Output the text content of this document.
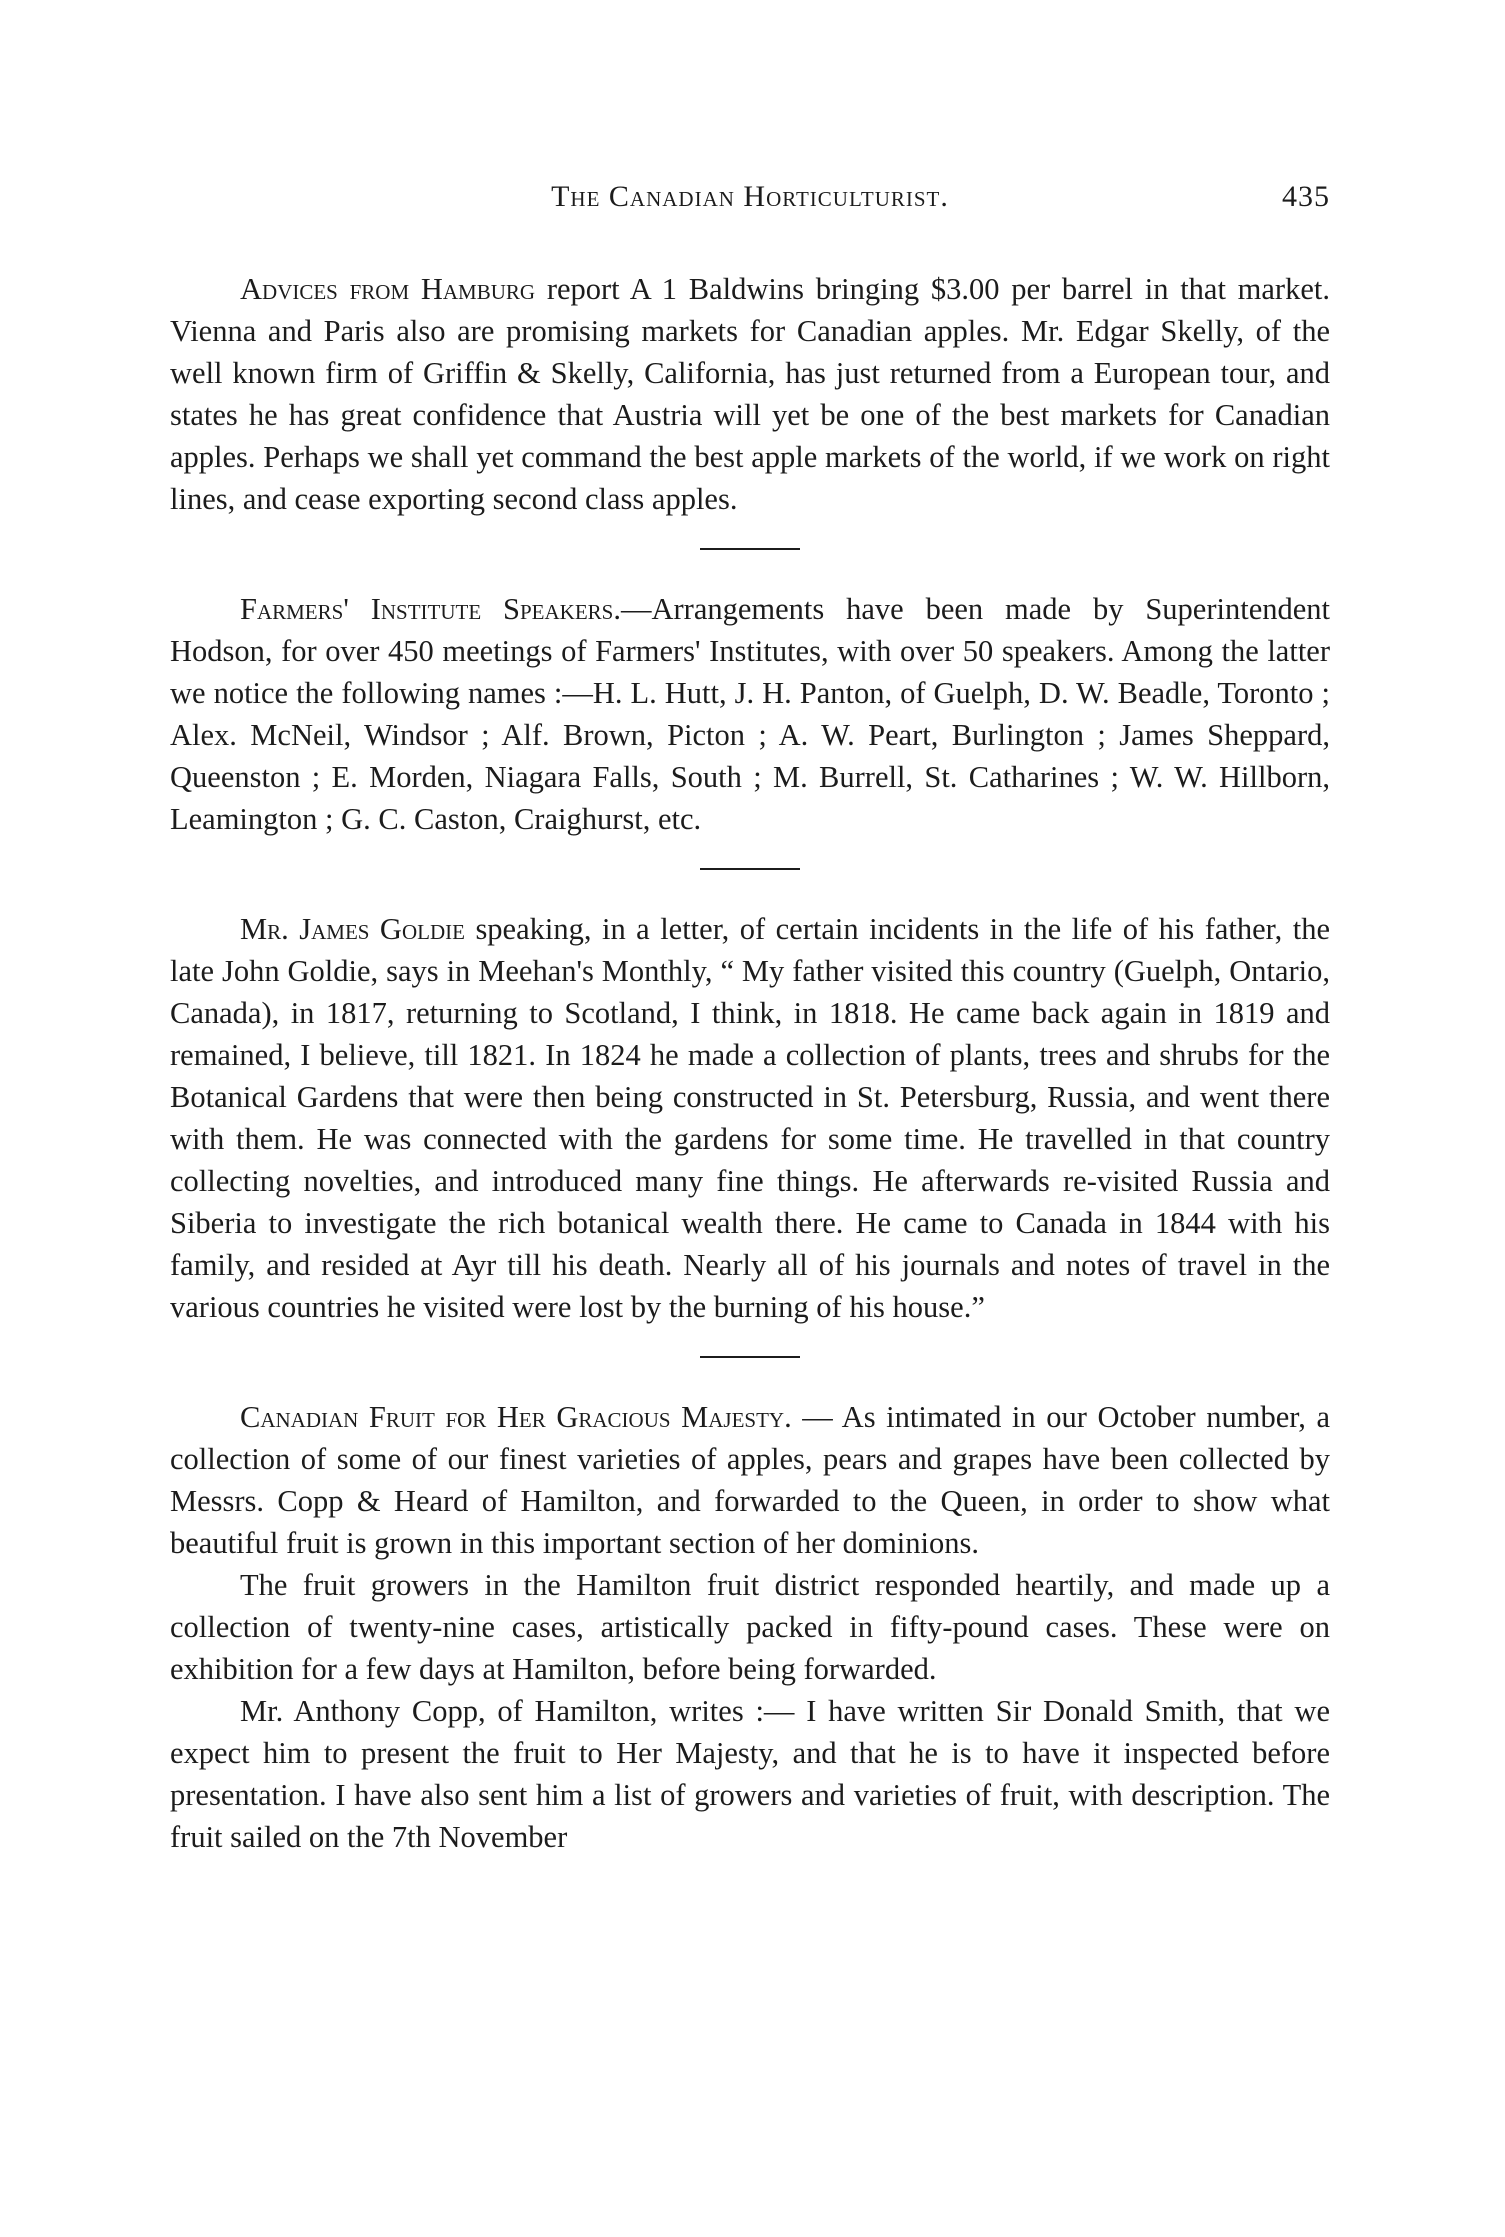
The Canadian Horticulturist.	435

Advices from Hamburg report A 1 Baldwins bringing $3.00 per barrel in that market. Vienna and Paris also are promising markets for Canadian apples. Mr. Edgar Skelly, of the well known firm of Griffin & Skelly, California, has just returned from a European tour, and states he has great confidence that Austria will yet be one of the best markets for Canadian apples. Perhaps we shall yet command the best apple markets of the world, if we work on right lines, and cease exporting second class apples.

Farmers' Institute Speakers.—Arrangements have been made by Superintendent Hodson, for over 450 meetings of Farmers' Institutes, with over 50 speakers. Among the latter we notice the following names :—H. L. Hutt, J. H. Panton, of Guelph, D. W. Beadle, Toronto ; Alex. McNeil, Windsor ; Alf. Brown, Picton ; A. W. Peart, Burlington ; James Sheppard, Queenston ; E. Morden, Niagara Falls, South ; M. Burrell, St. Catharines ; W. W. Hillborn, Leamington ; G. C. Caston, Craighurst, etc.

Mr. James Goldie speaking, in a letter, of certain incidents in the life of his father, the late John Goldie, says in Meehan's Monthly, “ My father visited this country (Guelph, Ontario, Canada), in 1817, returning to Scotland, I think, in 1818. He came back again in 1819 and remained, I believe, till 1821. In 1824 he made a collection of plants, trees and shrubs for the Botanical Gardens that were then being constructed in St. Petersburg, Russia, and went there with them. He was connected with the gardens for some time. He travelled in that country collecting novelties, and introduced many fine things. He afterwards re-visited Russia and Siberia to investigate the rich botanical wealth there. He came to Canada in 1844 with his family, and resided at Ayr till his death. Nearly all of his journals and notes of travel in the various countries he visited were lost by the burning of his house.”

Canadian Fruit for Her Gracious Majesty. — As intimated in our October number, a collection of some of our finest varieties of apples, pears and grapes have been collected by Messrs. Copp & Heard of Hamilton, and forwarded to the Queen, in order to show what beautiful fruit is grown in this important section of her dominions.

The fruit growers in the Hamilton fruit district responded heartily, and made up a collection of twenty-nine cases, artistically packed in fifty-pound cases. These were on exhibition for a few days at Hamilton, before being forwarded.

Mr. Anthony Copp, of Hamilton, writes :— I have written Sir Donald Smith, that we expect him to present the fruit to Her Majesty, and that he is to have it inspected before presentation. I have also sent him a list of growers and varieties of fruit, with description. The fruit sailed on the 7th November
